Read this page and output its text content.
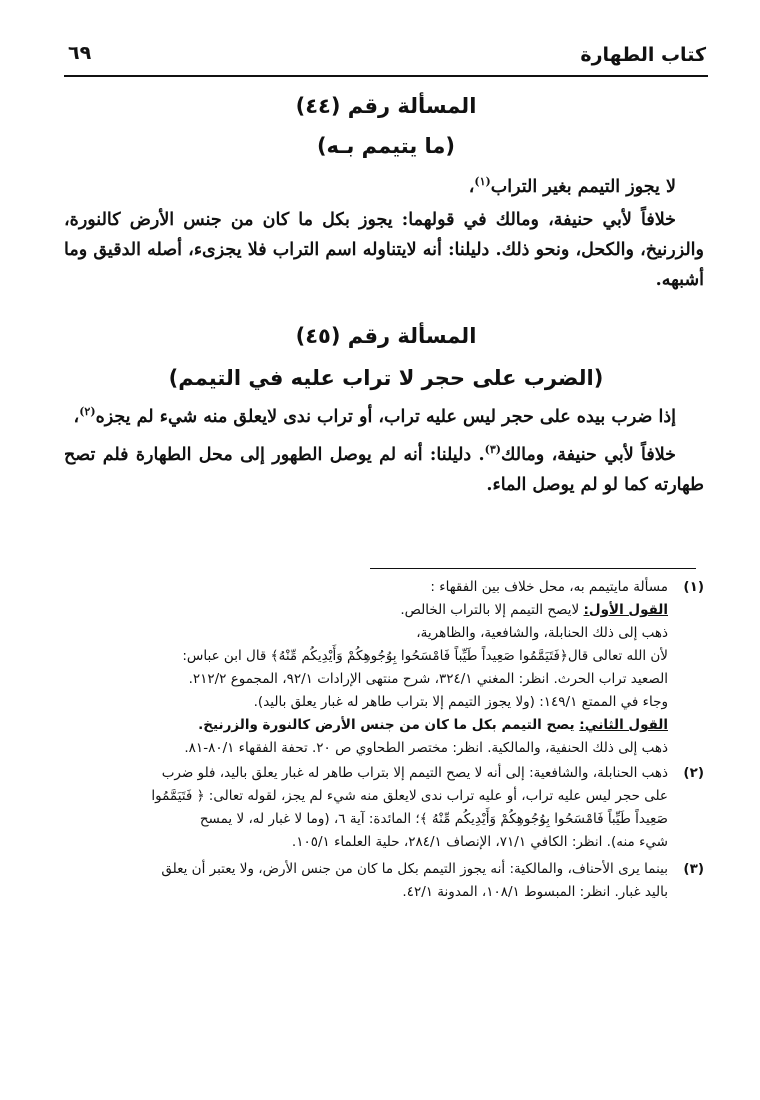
كتاب الطهارة
٦٩
المسألة رقم (٤٤)
(ما يتيمم بـه)
لا يجوز التيمم بغير التراب$^{(١)}$،
خلافاً لأبي حنيفة، ومالك في قولهما: يجوز بكل ما كان من جنس الأرض كالنورة، والزرنيخ، والكحل، ونحو ذلك. دليلنا: أنه لايتناوله اسم التراب فلا يجزىء، أصله الدقيق وما أشبهه.
المسألة رقم (٤٥)
(الضرب على حجر لا تراب عليه في التيمم)
إذا ضرب بيده على حجر ليس عليه تراب، أو تراب ندى لايعلق منه شيء لم يجزه$^{(٢)}$،
خلافاً لأبي حنيفة، ومالك$^{(٣)}$. دليلنا: أنه لم يوصل الطهور إلى محل الطهارة فلم تصح طهارته كما لو لم يوصل الماء.
(١)
مسألة مايتيمم به، محل خلاف بين الفقهاء :
القول الأول: لايصح التيمم إلا بالتراب الخالص.
ذهب إلى ذلك الحنابلة، والشافعية، والظاهرية،
لأن الله تعالى قال﴿فَتَيَمَّمُوا صَعِيداً طَيِّباً فَامْسَحُوا بِوُجُوهِكُمْ وَأَيْدِيكُم مِّنْهُ﴾ قال ابن عباس:
الصعيد تراب الحرث. انظر: المغني ٣٢٤/١، شرح منتهى الإرادات ٩٢/١، المجموع ٢١٢/٢.
وجاء في الممتع ١٤٩/١: (ولا يجوز التيمم إلا بتراب طاهر له غبار يعلق باليد).
القول الثاني: يصح التيمم بكل ما كان من جنس الأرض كالنورة والزرنيخ.
ذهب إلى ذلك الحنفية، والمالكية. انظر: مختصر الطحاوي ص ٢٠. تحفة الفقهاء ٨٠/١-٨١.
(٢)
ذهب الحنابلة، والشافعية: إلى أنه لا يصح التيمم إلا بتراب طاهر له غبار يعلق باليد، فلو ضرب
على حجر ليس عليه تراب، أو عليه تراب ندى لايعلق منه شيء لم يجز، لقوله تعالى: ﴿ فَتَيَمَّمُوا
صَعِيداً طَيِّباً فَامْسَحُوا بِوُجُوهِكُمْ وَأَيْدِيكُم مِّنْهُ ﴾؛ المائدة: آية ٦، (وما لا غبار له، لا يمسح
شيء منه). انظر: الكافي ٧١/١، الإنصاف ٢٨٤/١، حلية العلماء ١٠٥/١.
(٣)
بينما يرى الأحناف، والمالكية: أنه يجوز التيمم بكل ما كان من جنس الأرض، ولا يعتبر أن يعلق
باليد غبار. انظر: المبسوط ١٠٨/١، المدونة ٤٢/١.
